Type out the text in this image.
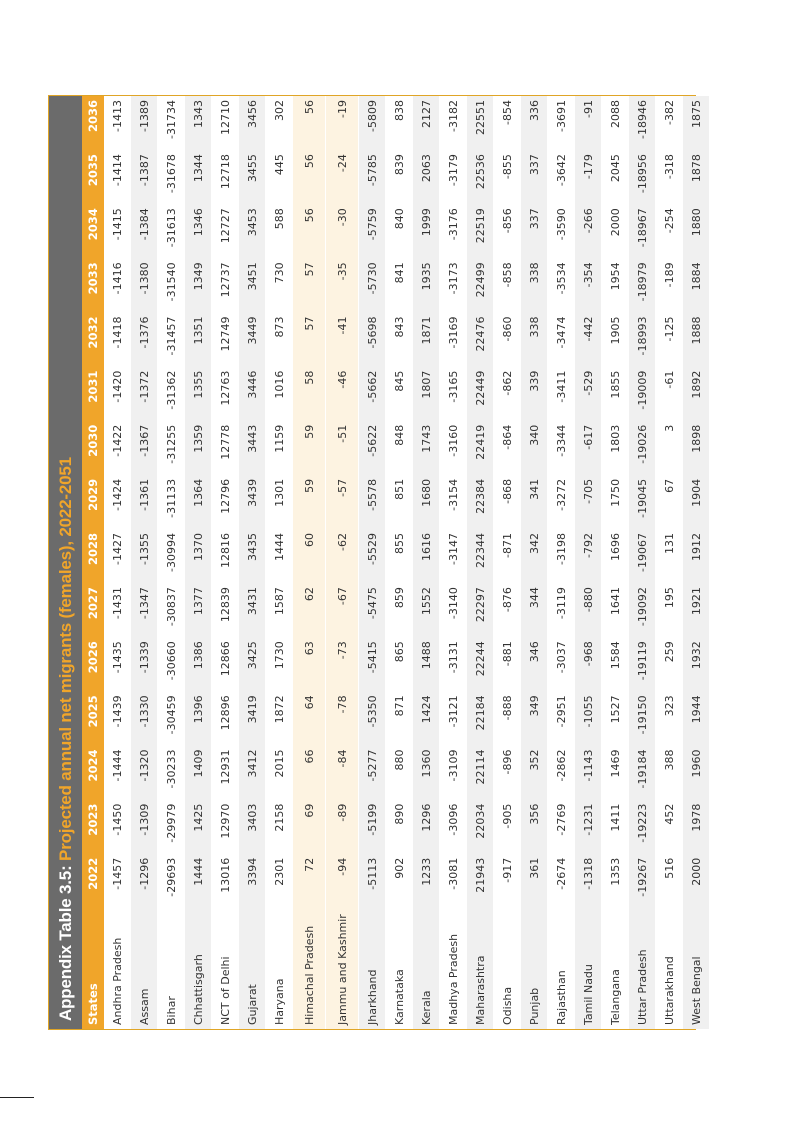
Appendix Table 3.5: Projected annual net migrants (females), 2022-2051
States	2022	2023	2024	2025	2026	2027	2028	2029	2030	2031	2032	2033	2034	2035	2036
Andhra Pradesh	-1457	-1450	-1444	-1439	-1435	-1431	-1427	-1424	-1422	-1420	-1418	-1416	-1415	-1414	-1413
Assam	-1296	-1309	-1320	-1330	-1339	-1347	-1355	-1361	-1367	-1372	-1376	-1380	-1384	-1387	-1389
Bihar	-29693	-29979	-30233	-30459	-30660	-30837	-30994	-31133	-31255	-31362	-31457	-31540	-31613	-31678	-31734
Chhattisgarh	1444	1425	1409	1396	1386	1377	1370	1364	1359	1355	1351	1349	1346	1344	1343
NCT of Delhi	13016	12970	12931	12896	12866	12839	12816	12796	12778	12763	12749	12737	12727	12718	12710
Gujarat	3394	3403	3412	3419	3425	3431	3435	3439	3443	3446	3449	3451	3453	3455	3456
Haryana	2301	2158	2015	1872	1730	1587	1444	1301	1159	1016	873	730	588	445	302
Himachal Pradesh	72	69	66	64	63	62	60	59	59	58	57	57	56	56	56
Jammu and Kashmir	-94	-89	-84	-78	-73	-67	-62	-57	-51	-46	-41	-35	-30	-24	-19
Jharkhand	-5113	-5199	-5277	-5350	-5415	-5475	-5529	-5578	-5622	-5662	-5698	-5730	-5759	-5785	-5809
Karnataka	902	890	880	871	865	859	855	851	848	845	843	841	840	839	838
Kerala	1233	1296	1360	1424	1488	1552	1616	1680	1743	1807	1871	1935	1999	2063	2127
Madhya Pradesh	-3081	-3096	-3109	-3121	-3131	-3140	-3147	-3154	-3160	-3165	-3169	-3173	-3176	-3179	-3182
Maharashtra	21943	22034	22114	22184	22244	22297	22344	22384	22419	22449	22476	22499	22519	22536	22551
Odisha	-917	-905	-896	-888	-881	-876	-871	-868	-864	-862	-860	-858	-856	-855	-854
Punjab	361	356	352	349	346	344	342	341	340	339	338	338	337	337	336
Rajasthan	-2674	-2769	-2862	-2951	-3037	-3119	-3198	-3272	-3344	-3411	-3474	-3534	-3590	-3642	-3691
Tamil Nadu	-1318	-1231	-1143	-1055	-968	-880	-792	-705	-617	-529	-442	-354	-266	-179	-91
Telangana	1353	1411	1469	1527	1584	1641	1696	1750	1803	1855	1905	1954	2000	2045	2088
Uttar Pradesh	-19267	-19223	-19184	-19150	-19119	-19092	-19067	-19045	-19026	-19009	-18993	-18979	-18967	-18956	-18946
Uttarakhand	516	452	388	323	259	195	131	67	3	-61	-125	-189	-254	-318	-382
West Bengal	2000	1978	1960	1944	1932	1921	1912	1904	1898	1892	1888	1884	1880	1878	1875
